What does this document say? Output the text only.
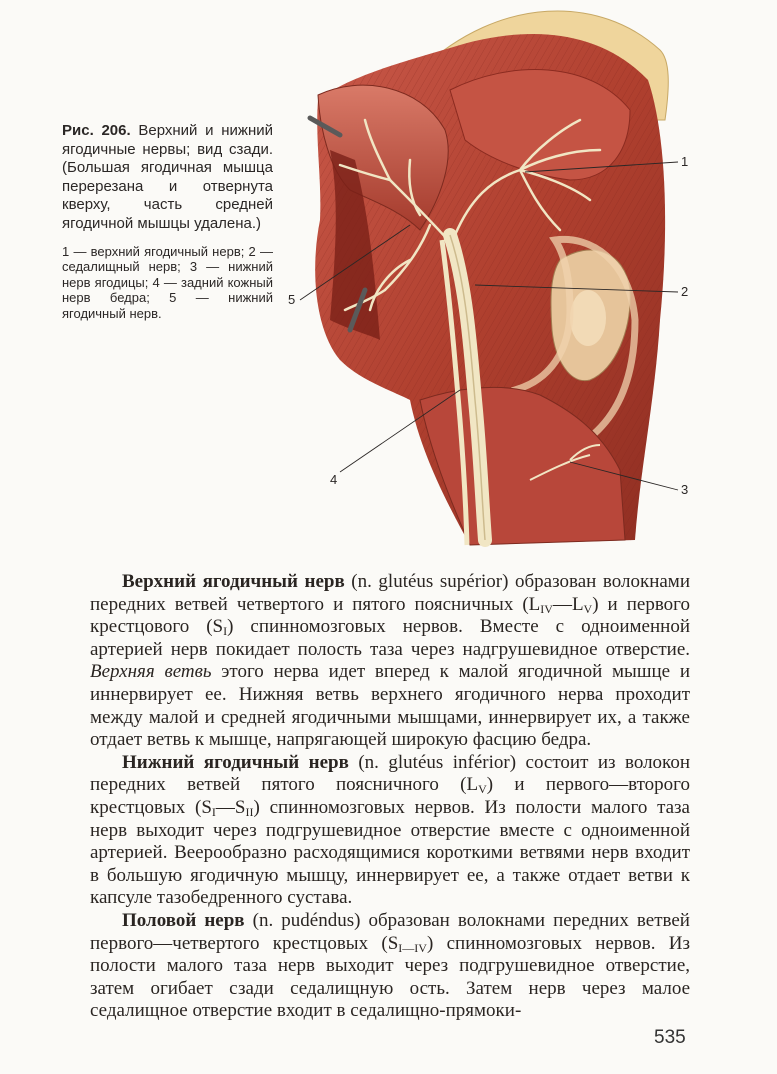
Рис. 206. Верхний и нижний ягодичные нервы; вид сзади. (Большая ягодичная мышца перерезана и отвернута кверху, часть средней ягодичной мышцы удалена.)

1 — верхний ягодичный нерв; 2 — седалищный нерв; 3 — нижний нерв ягодицы; 4 — задний кожный нерв бедра; 5 — нижний ягодичный нерв.

1
2
3
4
5

Верхний ягодичный нерв (n. glutéus supérior) образован волокнами передних ветвей четвертого и пятого поясничных $(L_{IV}—L_V)$ и первого крестцового $(S_I)$ спинномозговых нервов. Вместе с одноименной артерией нерв покидает полость таза через надгрушевидное отверстие. Верхняя ветвь этого нерва идет вперед к малой ягодичной мышце и иннервирует ее. Нижняя ветвь верхнего ягодичного нерва проходит между малой и средней ягодичными мышцами, иннервирует их, а также отдает ветвь к мышце, напрягающей широкую фасцию бедра.

Нижний ягодичный нерв (n. glutéus inférior) состоит из волокон передних ветвей пятого поясничного $(L_V)$ и первого—второго крестцовых $(S_I—S_{II})$ спинномозговых нервов. Из полости малого таза нерв выходит через подгрушевидное отверстие вместе с одноименной артерией. Веерообразно расходящимися короткими ветвями нерв входит в большую ягодичную мышцу, иннервирует ее, а также отдает ветви к капсуле тазобедренного сустава.

Половой нерв (n. pudéndus) образован волокнами передних ветвей первого—четвертого крестцовых $(S_{I—IV})$ спинномозговых нервов. Из полости малого таза нерв выходит через подгрушевидное отверстие, затем огибает сзади седалищную ость. Затем нерв через малое седалищное отверстие входит в седалищно-прямоки-

535
